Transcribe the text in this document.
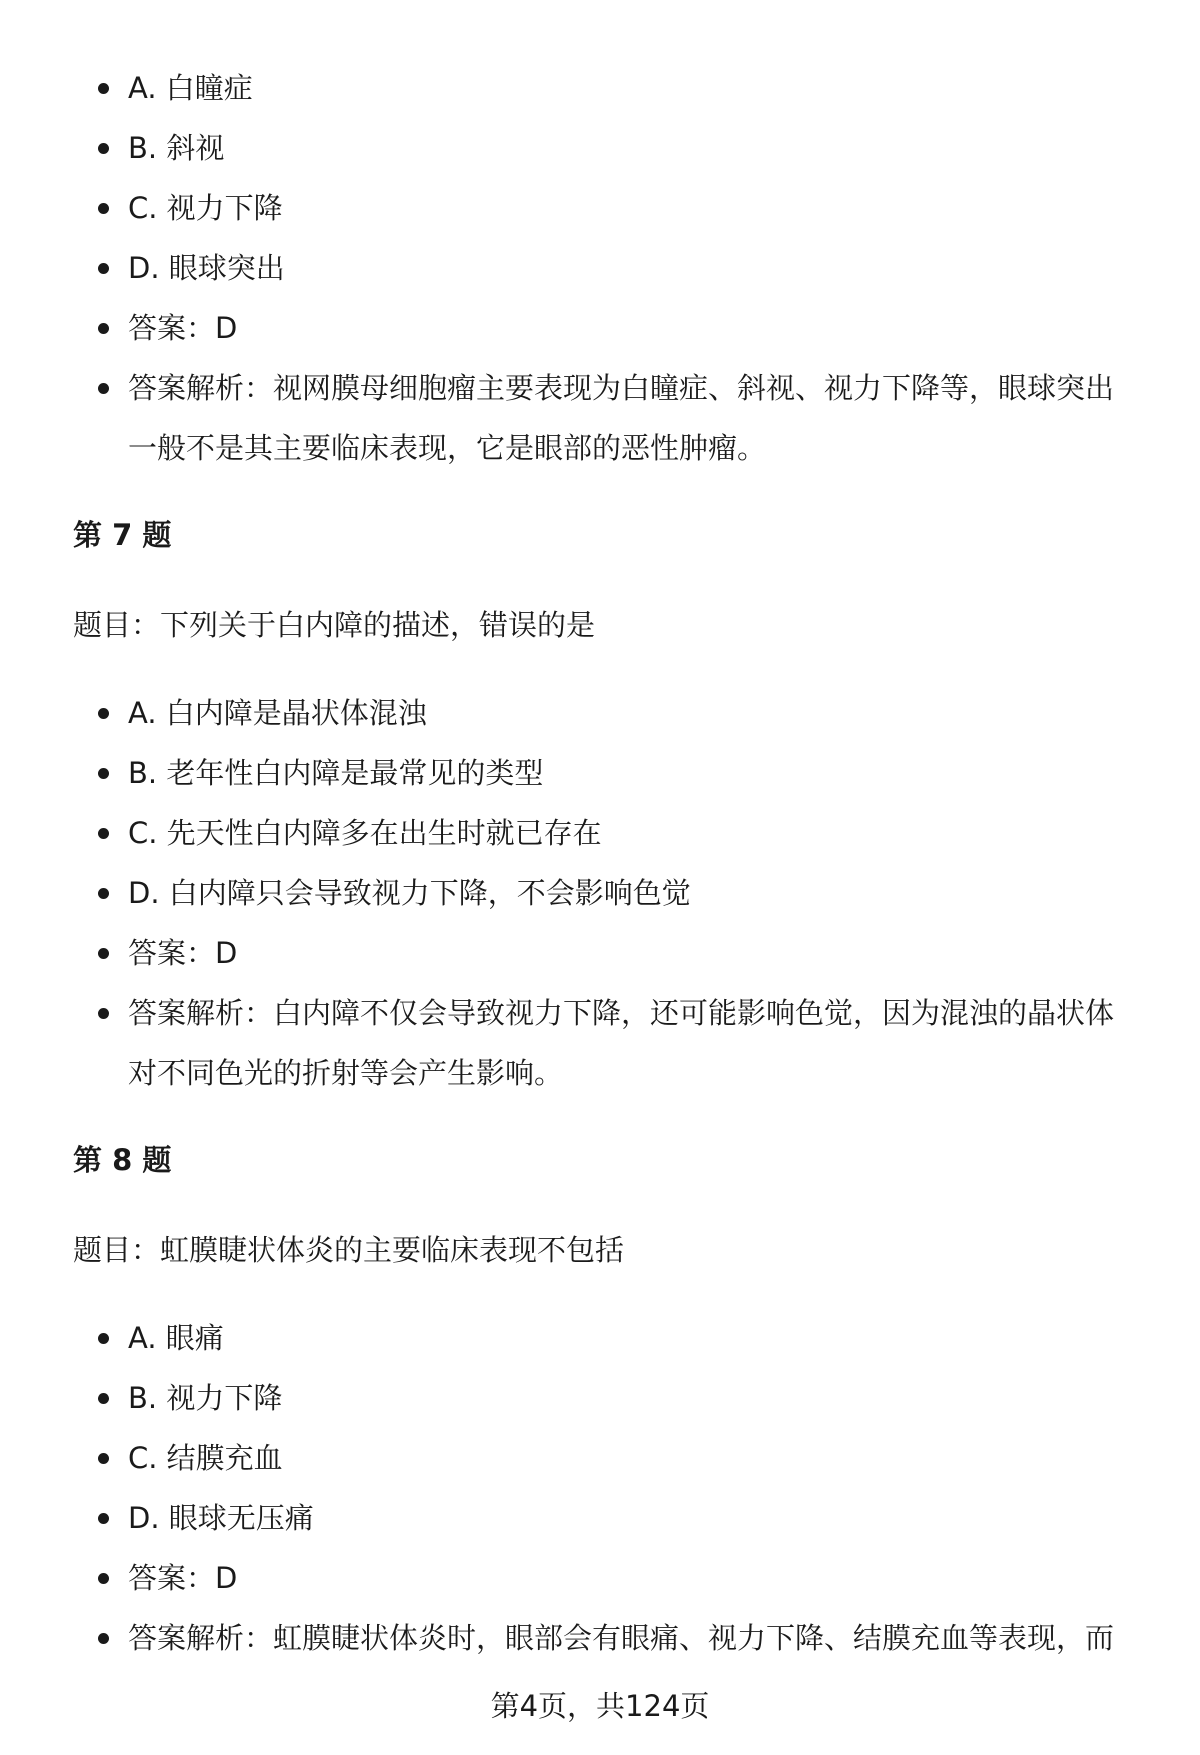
A. 白瞳症
B. 斜视
C. 视力下降
D. 眼球突出
答案：D
答案解析：视网膜母细胞瘤主要表现为白瞳症、斜视、视力下降等，眼球突出一般不是其主要临床表现，它是眼部的恶性肿瘤。
第 7 题
题目：下列关于白内障的描述，错误的是
A. 白内障是晶状体混浊
B. 老年性白内障是最常见的类型
C. 先天性白内障多在出生时就已存在
D. 白内障只会导致视力下降，不会影响色觉
答案：D
答案解析：白内障不仅会导致视力下降，还可能影响色觉，因为混浊的晶状体对不同色光的折射等会产生影响。
第 8 题
题目：虹膜睫状体炎的主要临床表现不包括
A. 眼痛
B. 视力下降
C. 结膜充血
D. 眼球无压痛
答案：D
答案解析：虹膜睫状体炎时，眼部会有眼痛、视力下降、结膜充血等表现，而
第4页，共124页
